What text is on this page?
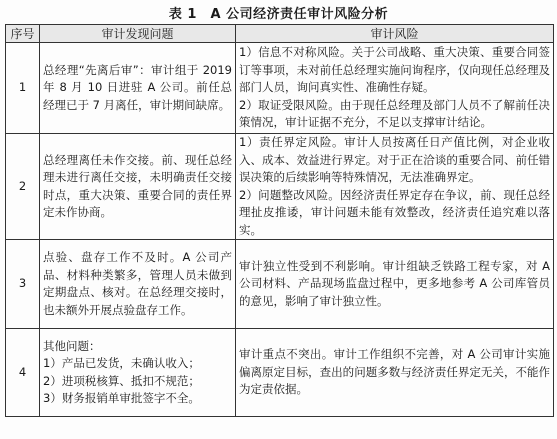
表 1　A 公司经济责任审计风险分析
序号	审计发现问题	审计风险
1	总经理“先离后审”：审计组于 2019 年 8 月 10 日进驻 A 公司。前任总经理已于 7 月离任，审计期间缺席。	1）信息不对称风险。关于公司战略、重大决策、重要合同签订等事项，未对前任总经理实施问询程序，仅向现任总经理及部门人员，询问真实性、准确性存疑。
2）取证受限风险。由于现任总经理及部门人员不了解前任决策情况，审计证据不充分，不足以支撑审计结论。

2	总经理离任未作交接。前、现任总经理未进行离任交接，未明确责任交接时点，重大决策、重要合同的责任界定未作协商。	1）责任界定风险。审计人员按离任日产值比例，对企业收入、成本、效益进行界定。对于正在洽谈的重要合同、前任错误决策的后续影响等特殊情况，无法准确界定。
2）问题整改风险。因经济责任界定存在争议，前、现任总经理扯皮推诿，审计问题未能有效整改，经济责任追究难以落实。

3	点验、盘存工作不及时。A 公司产品、材料种类繁多，管理人员未做到定期盘点、核对。在总经理交接时，也未额外开展点验盘存工作。	审计独立性受到不利影响。审计组缺乏铁路工程专家，对 A 公司材料、产品现场监盘过程中，更多地参考 A 公司库管员的意见，影响了审计独立性。

4	其他问题：
1）产品已发货，未确认收入；
2）进项税核算、抵扣不规范；
3）财务报销单审批签字不全。	审计重点不突出。审计工作组织不完善，对 A 公司审计实施偏离原定目标，查出的问题多数与经济责任界定无关，不能作为定责依据。
